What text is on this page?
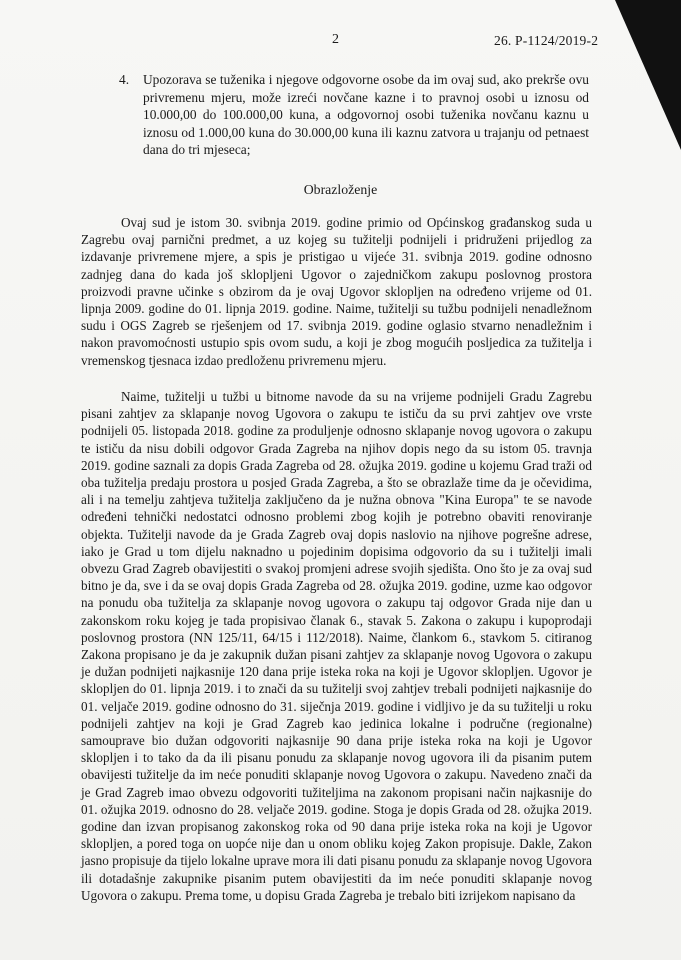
2	26. P-1124/2019-2
4. Upozorava se tuženika i njegove odgovorne osobe da im ovaj sud, ako prekrše ovu privremenu mjeru, može izreći novčane kazne i to pravnoj osobi u iznosu od 10.000,00 do 100.000,00 kuna, a odgovornoj osobi tuženika novčanu kaznu u iznosu od 1.000,00 kuna do 30.000,00 kuna ili kaznu zatvora u trajanju od petnaest dana do tri mjeseca;
Obrazloženje
Ovaj sud je istom 30. svibnja 2019. godine primio od Općinskog građanskog suda u Zagrebu ovaj parnični predmet, a uz kojeg su tužitelji podnijeli i pridruženi prijedlog za izdavanje privremene mjere, a spis je pristigao u vijeće 31. svibnja 2019. godine odnosno zadnjeg dana do kada još sklopljeni Ugovor o zajedničkom zakupu poslovnog prostora proizvodi pravne učinke s obzirom da je ovaj Ugovor sklopljen na određeno vrijeme od 01. lipnja 2009. godine do 01. lipnja 2019. godine. Naime, tužitelji su tužbu podnijeli nenadležnom sudu i OGS Zagreb se rješenjem od 17. svibnja 2019. godine oglasio stvarno nenadležnim i nakon pravomoćnosti ustupio spis ovom sudu, a koji je zbog mogućih posljedica za tužitelja i vremenskog tjesnaca izdao predloženu privremenu mjeru.
Naime, tužitelji u tužbi u bitnome navode da su na vrijeme podnijeli Gradu Zagrebu pisani zahtjev za sklapanje novog Ugovora o zakupu te ističu da su prvi zahtjev ove vrste podnijeli 05. listopada 2018. godine za produljenje odnosno sklapanje novog ugovora o zakupu te ističu da nisu dobili odgovor Grada Zagreba na njihov dopis nego da su istom 05. travnja 2019. godine saznali za dopis Grada Zagreba od 28. ožujka 2019. godine u kojemu Grad traži od oba tužitelja predaju prostora u posjed Grada Zagreba, a što se obrazlaže time da je očevidima, ali i na temelju zahtjeva tužitelja zaključeno da je nužna obnova "Kina Europa" te se navode određeni tehnički nedostatci odnosno problemi zbog kojih je potrebno obaviti renoviranje objekta. Tužitelji navode da je Grada Zagreb ovaj dopis naslovio na njihove pogrešne adrese, iako je Grad u tom dijelu naknadno u pojedinim dopisima odgovorio da su i tužitelji imali obvezu Grad Zagreb obavijestiti o svakoj promjeni adrese svojih sjedišta. Ono što je za ovaj sud bitno je da, sve i da se ovaj dopis Grada Zagreba od 28. ožujka 2019. godine, uzme kao odgovor na ponudu oba tužitelja za sklapanje novog ugovora o zakupu taj odgovor Grada nije dan u zakonskom roku kojeg je tada propisivao članak 6., stavak 5. Zakona o zakupu i kupoprodaji poslovnog prostora (NN 125/11, 64/15 i 112/2018). Naime, člankom 6., stavkom 5. citiranog Zakona propisano je da je zakupnik dužan pisani zahtjev za sklapanje novog Ugovora o zakupu je dužan podnijeti najkasnije 120 dana prije isteka roka na koji je Ugovor sklopljen. Ugovor je sklopljen do 01. lipnja 2019. i to znači da su tužitelji svoj zahtjev trebali podnijeti najkasnije do 01. veljače 2019. godine odnosno do 31. siječnja 2019. godine i vidljivo je da su tužitelji u roku podnijeli zahtjev na koji je Grad Zagreb kao jedinica lokalne i područne (regionalne) samouprave bio dužan odgovoriti najkasnije 90 dana prije isteka roka na koji je Ugovor sklopljen i to tako da da ili pisanu ponudu za sklapanje novog ugovora ili da pisanim putem obavijesti tužitelje da im neće ponuditi sklapanje novog Ugovora o zakupu. Navedeno znači da je Grad Zagreb imao obvezu odgovoriti tužiteljima na zakonom propisani način najkasnije do 01. ožujka 2019. odnosno do 28. veljače 2019. godine. Stoga je dopis Grada od 28. ožujka 2019. godine dan izvan propisanog zakonskog roka od 90 dana prije isteka roka na koji je Ugovor sklopljen, a pored toga on uopće nije dan u onom obliku kojeg Zakon propisuje. Dakle, Zakon jasno propisuje da tijelo lokalne uprave mora ili dati pisanu ponudu za sklapanje novog Ugovora ili dotadašnje zakupnike pisanim putem obavijestiti da im neće ponuditi sklapanje novog Ugovora o zakupu. Prema tome, u dopisu Grada Zagreba je trebalo biti izrijekom napisano da
